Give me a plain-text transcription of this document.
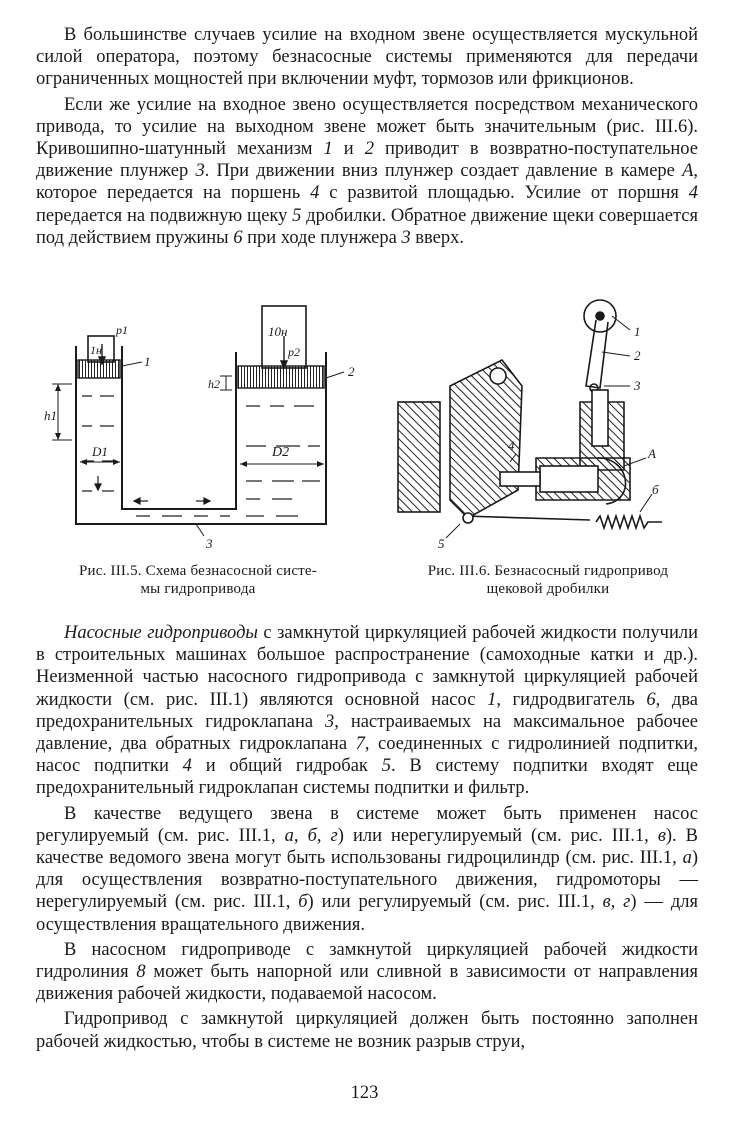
В большинстве случаев усилие на входном звене осуществляется мускульной силой оператора, поэтому безнасосные системы применяются для передачи ограниченных мощностей при включении муфт, тормозов или фрикционов.

Если же усилие на входное звено осуществляется посредством механического привода, то усилие на выходном звене может быть значительным (рис. III.6). Кривошипно-шатунный механизм 1 и 2 приводит в возвратно-поступательное движение плунжер 3. При движении вниз плунжер создает давление в камере А, которое передается на поршень 4 с развитой площадью. Усилие от поршня 4 передается на подвижную щеку 5 дробилки. Обратное движение щеки совершается под действием пружины 6 при ходе плунжера 3 вверх.

1н
p1	10н
p2
h1
h2
D1	D2
1
2
3
Рис. III.5. Схема безнасосной систе-
мы гидропривода
1
2
3
4
А
б
5
Рис. III.6. Безнасосный гидропривод
щековой дробилки

Насосные гидроприводы с замкнутой циркуляцией рабочей жидкости получили в строительных машинах большое распространение (самоходные катки и др.). Неизменной частью насосного гидропривода с замкнутой циркуляцией рабочей жидкости (см. рис. III.1) являются основной насос 1, гидродвигатель 6, два предохранительных гидроклапана 3, настраиваемых на максимальное рабочее давление, два обратных гидроклапана 7, соединенных с гидролинией подпитки, насос подпитки 4 и общий гидробак 5. В систему подпитки входят еще предохранительный гидроклапан системы подпитки и фильтр.

В качестве ведущего звена в системе может быть применен насос регулируемый (см. рис. III.1, а, б, г) или нерегулируемый (см. рис. III.1, в). В качестве ведомого звена могут быть использованы гидроцилиндр (см. рис. III.1, а) для осуществления возвратно-поступательного движения, гидромоторы — нерегулируемый (см. рис. III.1, б) или регулируемый (см. рис. III.1, в, г) — для осуществления вращательного движения.

В насосном гидроприводе с замкнутой циркуляцией рабочей жидкости гидролиния 8 может быть напорной или сливной в зависимости от направления движения рабочей жидкости, подаваемой насосом.

Гидропривод с замкнутой циркуляцией должен быть постоянно заполнен рабочей жидкостью, чтобы в системе не возник разрыв струи,

123
